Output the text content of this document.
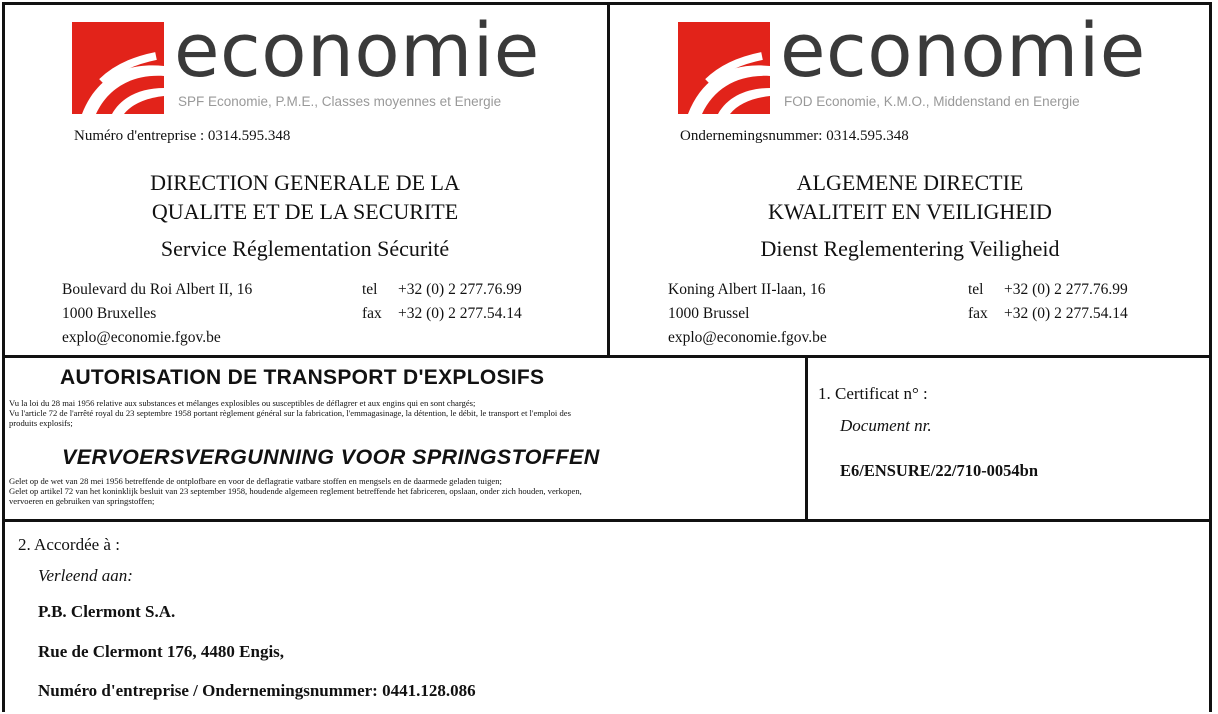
economie
SPF Economie, P.M.E., Classes moyennes et Energie
Numéro d'entreprise : 0314.595.348
DIRECTION GENERALE DE LA
QUALITE ET DE LA SECURITE
Service Réglementation Sécurité
Boulevard du Roi Albert II, 16
1000 Bruxelles
explo@economie.fgov.be
tel +32 (0) 2 277.76.99
fax +32 (0) 2 277.54.14
economie
FOD Economie, K.M.O., Middenstand en Energie
Ondernemingsnummer: 0314.595.348
ALGEMENE DIRECTIE
KWALITEIT EN VEILIGHEID
Dienst Reglementering Veiligheid
Koning Albert II-laan, 16
1000 Brussel
explo@economie.fgov.be
tel +32 (0) 2 277.76.99
fax +32 (0) 2 277.54.14
AUTORISATION DE TRANSPORT D'EXPLOSIFS
Vu la loi du 28 mai 1956 relative aux substances et mélanges explosibles ou susceptibles de déflagrer et aux engins qui en sont chargés;
Vu l'article 72 de l'arrêté royal du 23 septembre 1958 portant règlement général sur la fabrication, l'emmagasinage, la détention, le débit, le transport et l'emploi des
produits explosifs;
VERVOERSVERGUNNING VOOR SPRINGSTOFFEN
Gelet op de wet van 28 mei 1956 betreffende de ontplofbare en voor de deflagratie vatbare stoffen en mengsels en de daarmede geladen tuigen;
Gelet op artikel 72 van het koninklijk besluit van 23 september 1958, houdende algemeen reglement betreffende het fabriceren, opslaan, onder zich houden, verkopen,
vervoeren en gebruiken van springstoffen;
1. Certificat n° :
Document nr.
E6/ENSURE/22/710-0054bn
2. Accordée à :
Verleend aan:
P.B. Clermont S.A.
Rue de Clermont 176, 4480 Engis,
Numéro d'entreprise / Ondernemingsnummer: 0441.128.086
